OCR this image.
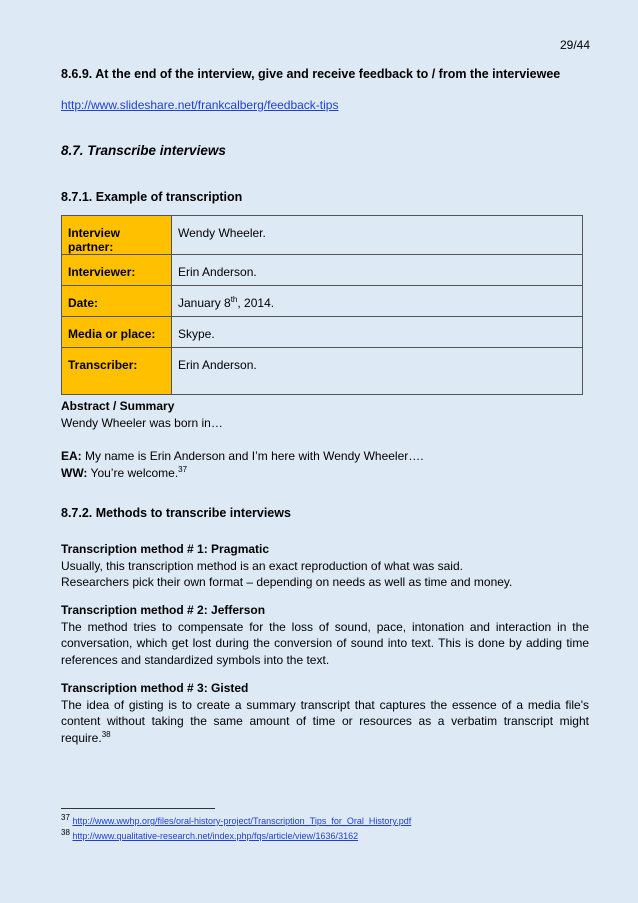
29/44
8.6.9. At the end of the interview, give and receive feedback to / from the interviewee
http://www.slideshare.net/frankcalberg/feedback-tips
8.7. Transcribe interviews
8.7.1. Example of transcription
Interview partner:	Wendy Wheeler.
Interviewer:	Erin Anderson.
Date:	January 8th, 2014.
Media or place:	Skype.
Transcriber:	Erin Anderson.
Abstract / Summary
Wendy Wheeler was born in…
EA: My name is Erin Anderson and I’m here with Wendy Wheeler….
WW: You’re welcome.$^{37}$
8.7.2. Methods to transcribe interviews
Transcription method # 1: Pragmatic
Usually, this transcription method is an exact reproduction of what was said.
Researchers pick their own format – depending on needs as well as time and money.
Transcription method # 2: Jefferson
The method tries to compensate for the loss of sound, pace, intonation and interaction in the conversation, which get lost during the conversion of sound into text. This is done by adding time references and standardized symbols into the text.
Transcription method # 3: Gisted
The idea of gisting is to create a summary transcript that captures the essence of a media file's content without taking the same amount of time or resources as a verbatim transcript might require.$^{38}$
$^{37}$ http://www.wwhp.org/files/oral-history-project/Transcription_Tips_for_Oral_History.pdf
$^{38}$ http://www.qualitative-research.net/index.php/fqs/article/view/1636/3162
